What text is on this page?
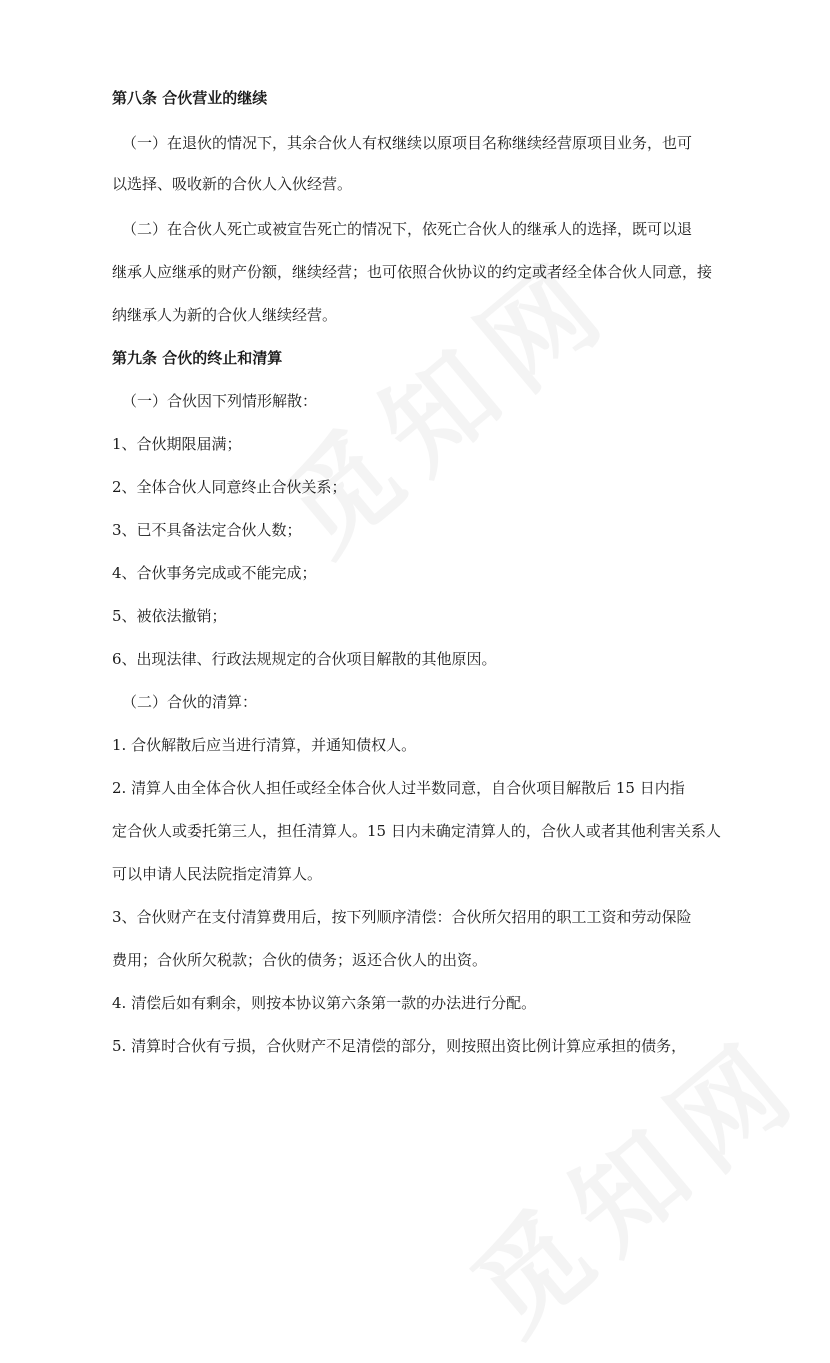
第八条 合伙营业的继续
（一）在退伙的情况下，其余合伙人有权继续以原项目名称继续经营原项目业务，也可
以选择、吸收新的合伙人入伙经营。
（二）在合伙人死亡或被宣告死亡的情况下，依死亡合伙人的继承人的选择，既可以退
继承人应继承的财产份额，继续经营；也可依照合伙协议的约定或者经全体合伙人同意，接
纳继承人为新的合伙人继续经营。
第九条 合伙的终止和清算
（一）合伙因下列情形解散：
1、合伙期限届满；
2、全体合伙人同意终止合伙关系；
3、已不具备法定合伙人数；
4、合伙事务完成或不能完成；
5、被依法撤销；
6、出现法律、行政法规规定的合伙项目解散的其他原因。
（二）合伙的清算：
1. 合伙解散后应当进行清算，并通知债权人。
2. 清算人由全体合伙人担任或经全体合伙人过半数同意，自合伙项目解散后 15 日内指
定合伙人或委托第三人，担任清算人。15 日内未确定清算人的，合伙人或者其他利害关系人
可以申请人民法院指定清算人。
3、合伙财产在支付清算费用后，按下列顺序清偿：合伙所欠招用的职工工资和劳动保险
费用；合伙所欠税款；合伙的债务；返还合伙人的出资。
4. 清偿后如有剩余，则按本协议第六条第一款的办法进行分配。
5. 清算时合伙有亏损，合伙财产不足清偿的部分，则按照出资比例计算应承担的债务，
